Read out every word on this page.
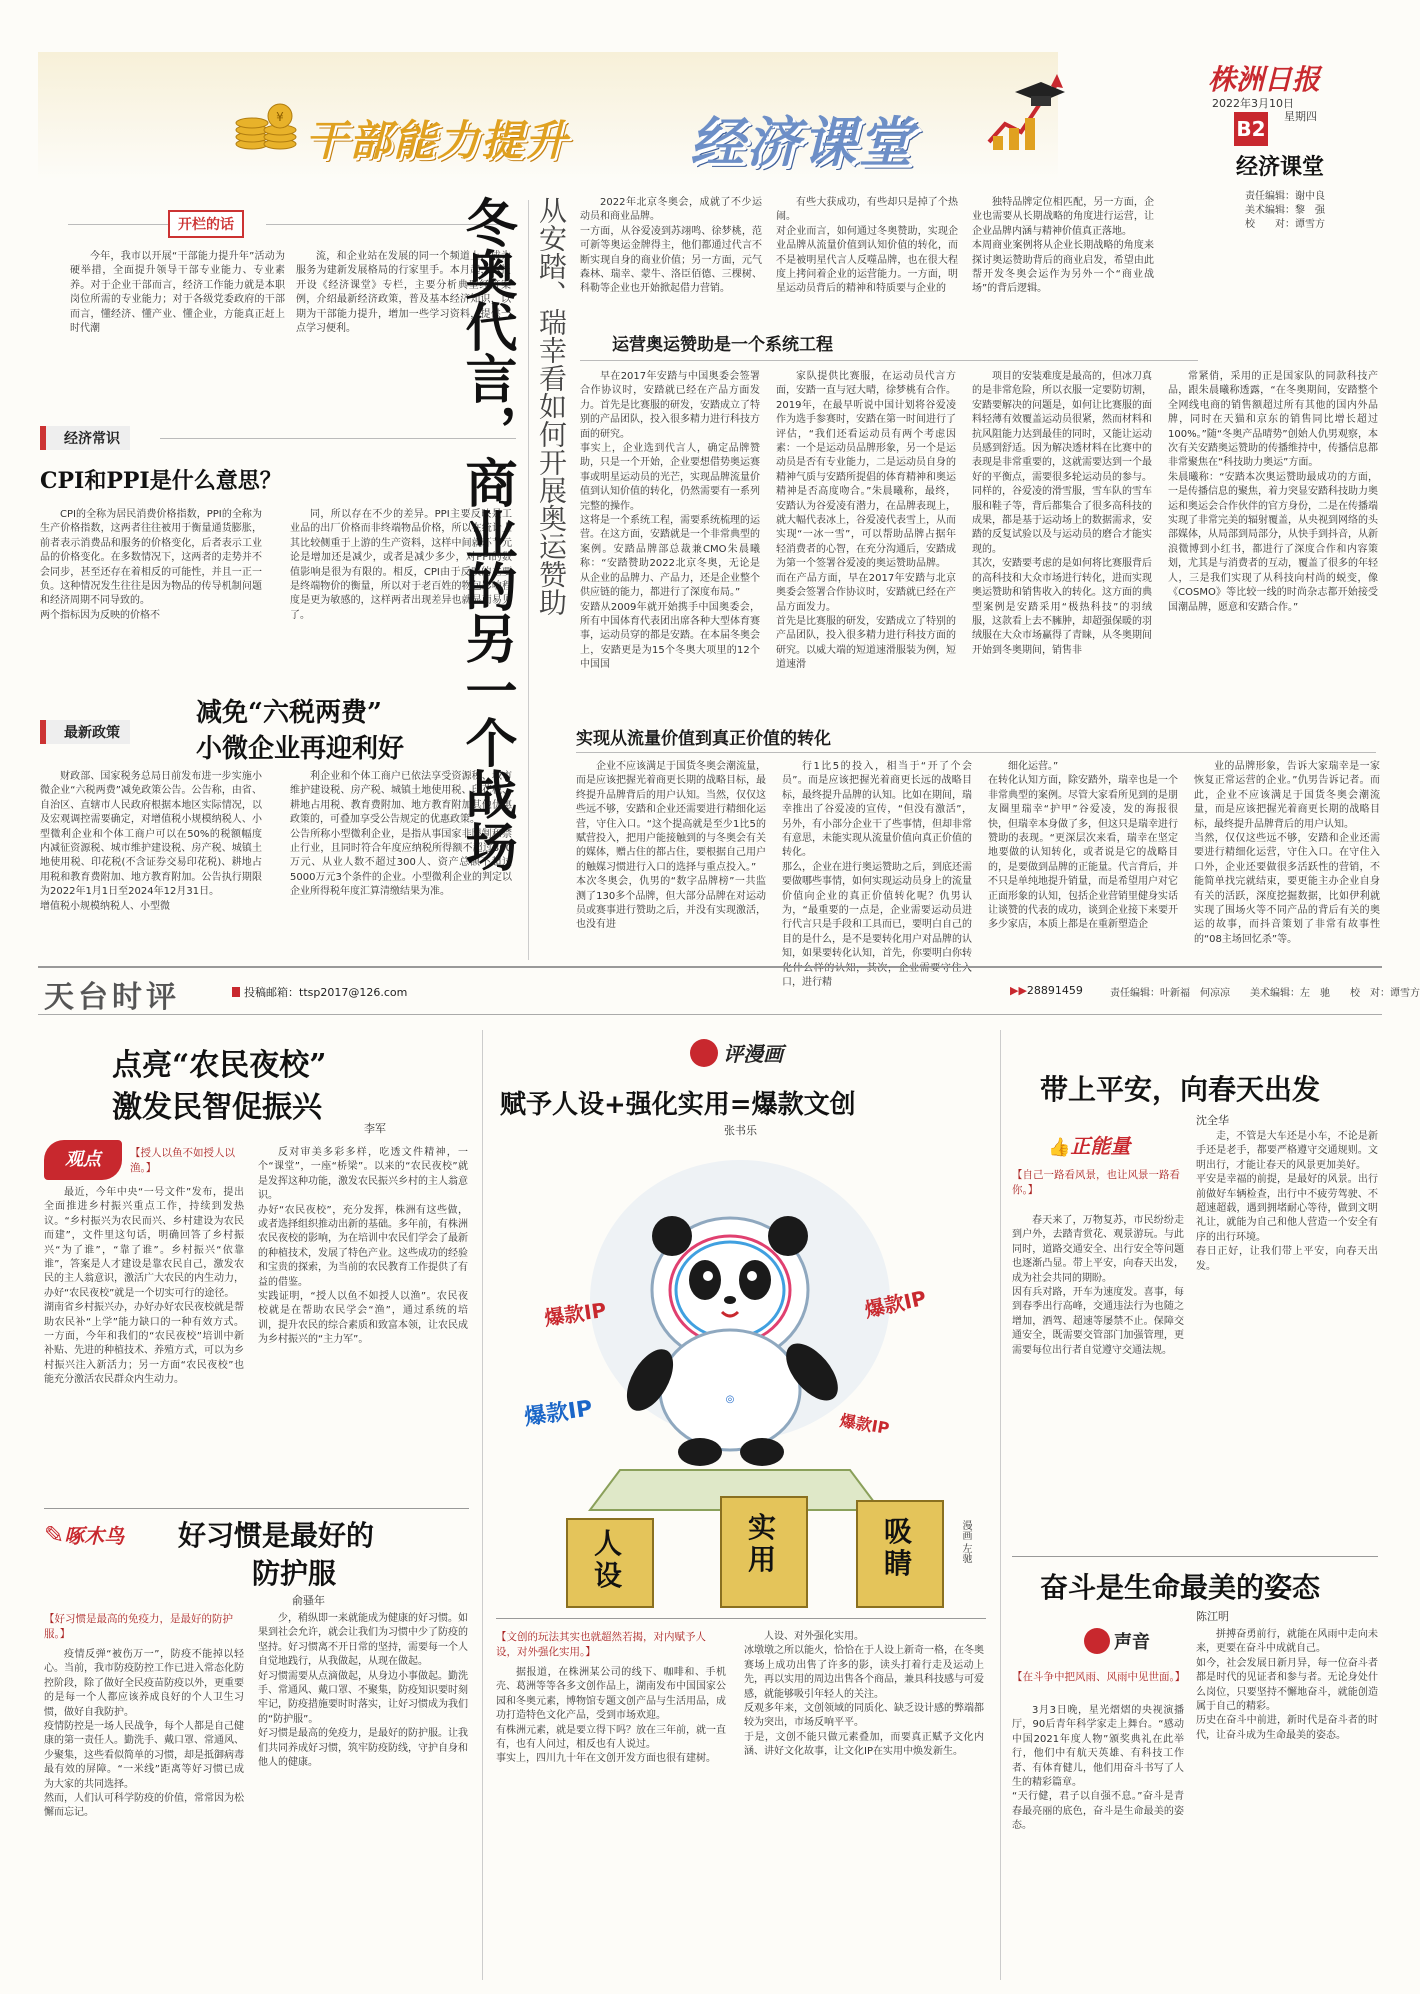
¥ 干部能力提升 经济课堂
株洲日报
2022年3月10日
星期四
B2
经济课堂
责任编辑：谢中良
美术编辑：黎　强
校　　对：谭雪方
开栏的话
今年，我市以开展“干部能力提升年”活动为硬举措，全面提升领导干部专业能力、专业素养。对于企业干部而言，经济工作能力就是本职岗位所需的专业能力；对于各级党委政府的干部而言，懂经济、懂产业、懂企业，方能真正赶上时代潮
流，和企业站在发展的同一个频道上，成为服务为建新发展格局的行家里手。本月起，本报开设《经济课堂》专栏，主要分析典型经济案例，介绍最新经济政策，普及基本经济知识，以期为干部能力提升，增加一些学习资料，提供一点学习便利。
经济常识
CPI和PPI是什么意思？
CPI的全称为居民消费价格指数，PPI的全称为生产价格指数，这两者往往被用于衡量通货膨胀，前者表示消费品和服务的价格变化，后者表示工业品的价格变化。在多数情况下，这两者的走势并不会同步，甚至还存在着相反的可能性，并且一正一负。这种情况发生往往是因为物品的传导机制问题和经济周期不同导致的。
两个指标因为反映的价格不
同，所以存在不少的差异。PPI主要反映是工业品的出厂价格而非终端物品价格，所以在统计上其比较侧重于上游的生产资料，这样中间就环节元论是增加还是减少，或者是减少多少，对PPI的数值影响是很为有限的。相反，CPI由于反映的主要是终端物价的衡量，所以对于老百姓的物包影响程度是更为敏感的，这样两者出现差异也就显而易见了。
最新政策
减免“六税两费”
小微企业再迎利好
财政部、国家税务总局日前发布进一步实施小微企业“六税两费”减免政策公告。公告称，由省、自治区、直辖市人民政府根据本地区实际情况，以及宏观调控需要确定，对增值税小规模纳税人、小型微利企业和个体工商户可以在50%的税额幅度内减征资源税、城市维护建设税、房产税、城镇土地使用税、印花税(不含证券交易印花税)、耕地占用税和教育费附加、地方教育附加。公告执行期限为2022年1月1日至2024年12月31日。
增值税小规模纳税人、小型微
利企业和个体工商户已依法享受资源税、城市维护建设税、房产税、城镇土地使用税、印花税、耕地占用税、教育费附加、地方教育附加其他优惠政策的，可叠加享受公告规定的优惠政策。
公告所称小型微利企业，是指从事国家非限制和禁止行业，且同时符合年度应纳税所得额不超过300万元、从业人数不超过300人、资产总额不超过5000万元3个条件的企业。小型微利企业的判定以企业所得税年度汇算清缴结果为准。
冬奥代言，商业的另一个战场 从安踏、瑞幸看如何开展奥运赞助	2022年北京冬奥会，成就了不少运动员和商业品牌。
一方面，从谷爱凌到苏翊鸣、徐梦桃，范可新等奥运金牌得主，他们都通过代言不断实现自身的商业价值；另一方面，元气森林、瑞幸、蒙牛、洛臣佰德、三棵树、科勒等企业也开始掀起借力营销。
有些大获成功，有些却只是掉了个热闹。
对企业而言，如何通过冬奥赞助，实现企业品牌从流量价值到认知价值的转化，而不是被明星代言人反噬品牌，也在很大程度上拷问着企业的运营能力。一方面，明星运动员背后的精神和特质要与企业的
独特品牌定位相匹配，另一方面，企业也需要从长期战略的角度进行运营，让企业品牌内涵与精神价值真正落地。
本周商业案例将从企业长期战略的角度来探讨奥运赞助背后的商业启发，希望由此帮开发冬奥会运作为另外一个“商业战场”的背后逻辑。
运营奥运赞助是一个系统工程
早在2017年安踏与中国奥委会签署合作协议时，安踏就已经在产品方面发力。首先是比赛服的研发，安踏成立了特别的产品团队，投入很多精力进行科技方面的研究。
事实上，企业选到代言人，确定品牌赞助，只是一个开始，企业要想借势奥运赛事或明星运动员的光芒，实现品牌流量价值到认知价值的转化，仍然需要有一系列完整的操作。
这将是一个系统工程，需要系统梳理的运营。在这方面，安踏就是一个非常典型的案例。安踏品牌部总裁兼CMO朱晨曦称：“安踏赞助2022北京冬奥，无论是从企业的品牌力、产品力，还是企业整个供应链的能力，都进行了深度布局。”
安踏从2009年就开始携手中国奥委会，所有中国体育代表团出席各种大型体育赛事，运动员穿的都是安踏。在本届冬奥会上，安踏更是为15个冬奥大项里的12个中国国
家队提供比赛服，在运动员代言方面，安踏一直与冠大晴，徐梦桃有合作。2019年，在最早听说中国计划将谷爱凌作为选手参赛时，安踏在第一时间进行了评估，“我们还看运动员有两个考虑因素：一个是运动员品牌形象，另一个是运动员是否有专业能力，二是运动员自身的精神气质与安踏所提倡的体育精神和奥运精神是否高度吻合。”朱晨曦称，最终，安踏认为谷爱凌有潜力，在品牌表现上，就大幅代表冰上，谷爱凌代表雪上，从而实现“一冰一雪”，可以帮助品牌占据年轻消费者的心智，在充分沟通后，安踏成为第一个签署谷爱凌的奥运赞助品牌。
而在产品方面，早在2017年安踏与北京奥委会签署合作协议时，安踏就已经在产品方面发力。
首先是比赛服的研发，安踏成立了特别的产品团队，投入很多精力进行科技方面的研究。以威大端的短道速滑服装为例，短道速滑
项目的安装难度是最高的，但冰刀真的是非常危险，所以衣服一定要防切割，安踏要解决的问题是，如何让比赛服的面料轻薄有效覆盖运动员很紧，然而材料和抗风阻能力达到最佳的同时，又能让运动员感到舒适。因为解决透材料在比赛中的表现是非常重要的，这就需要达到一个最好的平衡点，需要很多轮运动员的参与。同样的，谷爱凌的滑雪服，雪车队的雪车服和鞋子等，背后都集合了很多高科技的成果，都是基于运动场上的数据需求，安踏的反复试验以及与运动员的磨合才能实现的。
其次，安踏要考虑的是如何将比赛服背后的高科技和大众市场进行转化，进而实现奥运赞助和销售收入的转化。这方面的典型案例是安踏采用“极热科技”的羽绒服，这款看上去不臃肿，却超强保暖的羽绒服在大众市场赢得了青睐，从冬奥期间开始到冬奥期间，销售非
常紧俏，采用的正是国家队的同款科技产品，跟朱晨曦称透露，“在冬奥期间，安踏整个全网线电商的销售额超过所有其他的国内外品牌，同时在天猫和京东的销售同比增长超过100%。”随“冬奥产品晴势”创始人仇男观察，本次有关安踏奥运赞助的传播维持中，传播信息都非常聚焦在“科技助力奥运”方面。
朱晨曦称：“安踏本次奥运赞助最成功的方面，一是传播信息的聚焦，着力突显安踏科技助力奥运和奥运会合作伙伴的官方身份，二是在传播端实现了非常完美的辐射覆盖，从央视到网络的头部媒体，从局部到局部分，从快手到抖音，从新浪微博到小红书，都进行了深度合作和内容策划，尤其是与消费者的互动，覆盖了很多的年轻人，三是我们实现了从科技向村尚的蜕变，像《COSMO》等比较一线的时尚杂志都开始接受国潮品牌，愿意和安踏合作。”
实现从流量价值到真正价值的转化
企业不应该满足于国货冬奥会潮流量，而是应该把握光着商更长期的战略目标，最终提升品牌背后的用户认知。当然，仅仅这些远不够，安踏和企业还需要进行精细化运营，守住入口。“这个提高就是至少1比5的赋营投入，把用户能接触到的与冬奥会有关的媒体，赠占住的都占住，要根据自己用户的触媒习惯进行入口的选择与重点投入。”
本次冬奥会，仇男的“数字品牌榜”一共监测了130多个品牌，但大部分品牌在对运动员或赛事进行赞助之后，并没有实现激活，也没有进
行1比5的投入，相当于“开了个会员”。而是应该把握光着商更长远的战略目标，最终提升品牌的认知。比如在期间，瑞幸推出了谷爱凌的宣传，“但没有激活”，另外，有小部分企业干了些事情，但却非常有意思，未能实现从流量价值向真正价值的转化。
那么，企业在进行奥运赞助之后，到底还需要做哪些事情，如何实现运动员身上的流量价值向企业的真正价值转化呢？仇男认为，“最重要的一点是，企业需要运动员进行代言只是手段和工具而已，要明白自己的目的是什么，是不是要转化用户对品牌的认知，如果要转化认知，首先，你要明白你转化什么样的认知，其次，企业需要守住入口，进行精
细化运营。”
在转化认知方面，除安踏外，瑞幸也是一个非常典型的案例。尽管大家看所见到的是朋友圈里瑞幸“护甲”谷爱凌，发的海报很快，但瑞幸本身做了多，但这只是瑞幸进行赞助的表现。“更深层次来看，瑞幸在坚定地要做的认知转化，或者说是它的战略目的，是要做到品牌的正能量。代言背后，并不只是单纯地提升销量，而是希望用户对它正面形象的认知，包括企业营销里健身实话让谈赞的代表的成功，谈到企业接下来要开多少家店，本质上都是在重新塑造企
业的品牌形象，告诉大家瑞幸是一家恢复正常运营的企业。”仇男告诉记者。而此，企业不应该满足于国货冬奥会潮流量，而是应该把握光着商更长期的战略目标，最终提升品牌背后的用户认知。
当然，仅仅这些远不够，安踏和企业还需要进行精细化运营，守住入口。在守住入口外，企业还要做很多活跃性的营销，不能简单找完就结束，要更能主办企业自身有关的活跃，深度挖掘数据，比如伊利就实现了围场火等不同产品的背后有关的奥运的故事，而抖音策划了非常有故事性的“08主场回忆杀”等。
天台时评	投稿邮箱：ttsp2017@126.com	▶▶28891459	责任编辑：叶新福　何凉凉　　美术编辑：左　驰　　校　对：谭雪方
点亮“农民夜校”
激发民智促振兴
李军
观点	【授人以鱼不如授人以渔。】
最近，今年中央“一号文件”发布，提出全面推进乡村振兴重点工作，持续到发热议。“乡村振兴为农民而兴、乡村建设为农民而建”，文件里这句话，明确回答了乡村振兴“为了谁”，“靠了谁”。乡村振兴“依靠谁”，答案是人才建设是靠农民自己，激发农民的主人翁意识，激活广大农民的内生动力，办好“农民夜校”就是一个切实可行的途径。
湖南省乡村振兴办，办好办好农民夜校就是帮助农民补“上学”能力缺口的一种有效方式。一方面，今年和我们的“农民夜校”培训中新补贴、先进的种植技术、养殖方式，可以为乡村振兴注入新活力；另一方面“农民夜校”也能充分激活农民群众内生动力。
反对审美多彩多样，吃透文件精神，一个“课堂”，一座“桥梁”。以来的“农民夜校”就是发挥这种功能，激发农民振兴乡村的主人翁意识。
办好“农民夜校”，充分发挥，株洲有这些做，或者选择组织推动出新的基础。多年前，有株洲农民夜校的影响，为在培训中农民们学会了最新的种植技术，发展了特色产业。这些成功的经验和宝贵的探索，为当前的农民教育工作提供了有益的借鉴。
实践证明，“授人以鱼不如授人以渔”。农民夜校就是在帮助农民学会“渔”，通过系统的培训，提升农民的综合素质和致富本领，让农民成为乡村振兴的“主力军”。
✎啄木鸟 好习惯是最好的
防护服
俞骚年
【好习惯是最高的免疫力，是最好的防护服。】
疫情反弹“被伤万一”，防疫不能掉以轻心。当前，我市防疫防控工作已进入常态化防控阶段，除了做好全民疫苗防疫以外，更重要的是每一个人都应该养成良好的个人卫生习惯，做好自我防护。
疫情防控是一场人民战争，每个人都是自己健康的第一责任人。勤洗手、戴口罩、常通风、少聚集，这些看似简单的习惯，却是抵御病毒最有效的屏障。“一米线”距离等好习惯已成为大家的共同选择。
然而，人们认可科学防疫的价值，常常因为松懈而忘记。
少，稍纵即一来就能成为健康的好习惯。如果到社会允许，就会让我们为习惯中少了防疫的坚持。好习惯离不开日常的坚持，需要每一个人自觉地践行，从我做起，从现在做起。
好习惯需要从点滴做起，从身边小事做起。勤洗手、常通风、戴口罩、不聚集，防疫知识要时刻牢记，防疫措施要时时落实，让好习惯成为我们的“防护服”。
好习惯是最高的免疫力，是最好的防护服。让我们共同养成好习惯，筑牢防疫防线，守护自身和他人的健康。
评漫画
赋予人设+强化实用=爆款文创
张书乐
◎
爆款IP	爆款IP
爆款IP	爆款IP
人设
实用
吸睛
漫画 左驰
【文创的玩法其实也就超然若揭，对内赋予人设，对外强化实用。】
据报道，在株洲某公司的线下、咖啡和、手机壳、葛洲等等各多文创作品上，湖南发布中国国家公园和冬奥元素，博物馆专题文创产品与生活用品，成功打造特色文化产品，受到市场欢迎。
有株洲元素，就是要立得下吗？放在三年前，就一直有，也有人问过，相反也有人说过。
事实上，四川九十年在文创开发方面也很有建树。
人设、对外强化实用。
冰墩墩之所以能火，恰恰在于人设上新奇一格，在冬奥赛场上成功出售了许多的影，读头打着行走及运动上先，再以实用的周边出售各个商品，兼具科技感与可爱感，就能够吸引年轻人的关注。
反观多年来，文创领域的同质化、缺乏设计感的弊端都较为突出，市场反响平平。
于是，文创不能只做元素叠加，而要真正赋予文化内涵、讲好文化故事，让文化IP在实用中焕发新生。
带上平安，向春天出发
沈全华
👍正能量
【自己一路看风景，也让风景一路看你。】
春天来了，万物复苏，市民纷纷走到户外，去踏青赏花、观景游玩。与此同时，道路交通安全、出行安全等问题也逐渐凸显。带上平安，向春天出发，成为社会共同的期盼。
因有兵对路，开车为速度发。喜事，每到春季出行高峰，交通违法行为也随之增加，酒驾、超速等屡禁不止。保障交通安全，既需要交管部门加强管理，更需要每位出行者自觉遵守交通法规。
走，不管是大车还是小车，不论是新手还是老手，都要严格遵守交通规则。文明出行，才能让春天的风景更加美好。
平安是幸福的前提，是最好的风景。出行前做好车辆检查，出行中不疲劳驾驶、不超速超载，遇到拥堵耐心等待，做到文明礼让，就能为自己和他人营造一个安全有序的出行环境。
春日正好，让我们带上平安，向春天出发。
奋斗是生命最美的姿态
陈江明
声音
【在斗争中把风雨、风雨中见世面。】
3月3日晚，星光熠熠的央视演播厅，90后青年科学家走上舞台。“感动中国2021年度人物”颁奖典礼在此举行，他们中有航天英雄、有科技工作者、有体育健儿，他们用奋斗书写了人生的精彩篇章。
“天行健，君子以自强不息。”奋斗是青春最亮丽的底色，奋斗是生命最美的姿态。
拼搏奋勇前行，就能在风雨中走向未来，更要在奋斗中成就自己。
如今，社会发展日新月异，每一位奋斗者都是时代的见证者和参与者。无论身处什么岗位，只要坚持不懈地奋斗，就能创造属于自己的精彩。
历史在奋斗中前进，新时代是奋斗者的时代，让奋斗成为生命最美的姿态。
